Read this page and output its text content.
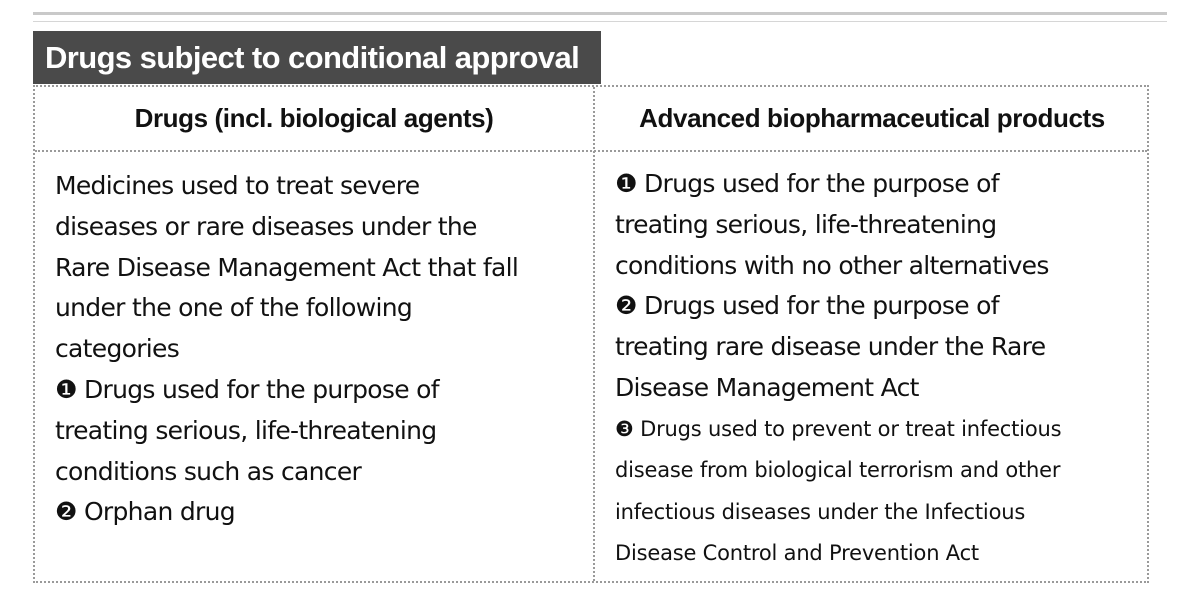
Drugs subject to conditional approval
Drugs (incl. biological agents)	Advanced biopharmaceutical products
Medicines used to treat severe
diseases or rare diseases under the
Rare Disease Management Act that fall
under the one of the following
categories
❶ Drugs used for the purpose of
treating serious, life-threatening
conditions such as cancer
❷ Orphan drug
❶ Drugs used for the purpose of
treating serious, life-threatening
conditions with no other alternatives
❷ Drugs used for the purpose of
treating rare disease under the Rare
Disease Management Act
❸ Drugs used to prevent or treat infectious
disease from biological terrorism and other
infectious diseases under the Infectious
Disease Control and Prevention Act
